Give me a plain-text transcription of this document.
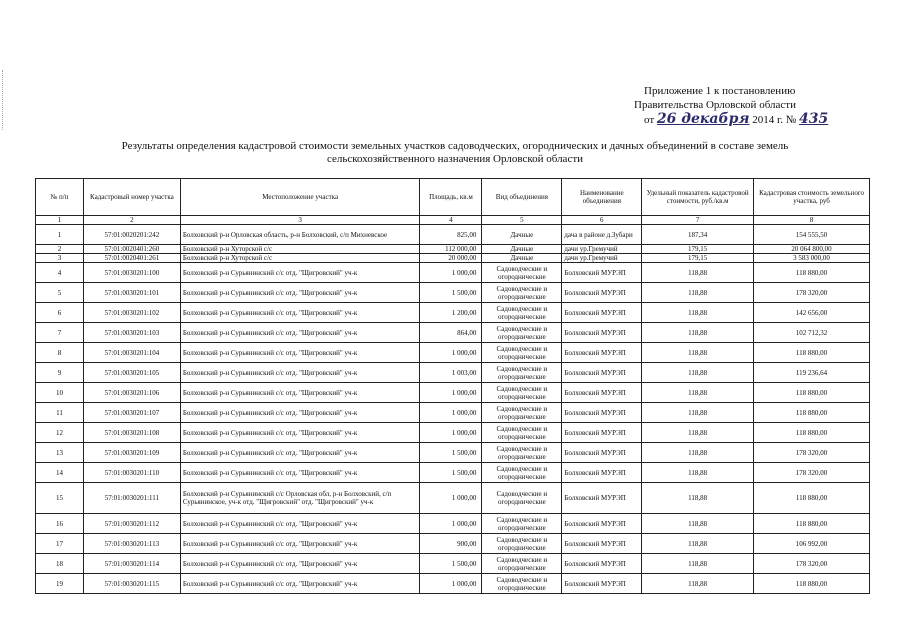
Приложение 1 к постановлению
Правительства Орловской области
от 26 декабря 2014 г. № 435
Результаты определения кадастровой стоимости земельных участков садоводческих, огороднических и дачных объединений в составе земель
сельскохозяйственного назначения Орловской области
№ п/п	Кадастровый номер участка	Местоположение участка	Площадь, кв.м	Вид объединения	Наименование объединения	Удельный показатель кадастровой стоимости, руб./кв.м	Кадастровая стоимость земельного участка, руб
1	2	3	4	5	6	7	8
1	57:01:0020201:242	Болховский р-н Орловская область, р-н Болховский, с/п Михневское	825,00	Дачные	дача в районе д.Зубари	187,34	154 555,50
2	57:01:0020401:260	Болховский р-н Хуторской с/с	112 000,00	Дачные	дачи ур.Гремучий	179,15	20 064 800,00
3	57:01:0020401:261	Болховский р-н Хуторской с/с	20 000,00	Дачные	дачи ур.Гремучий	179,15	3 583 000,00
4	57:01:0030201:100	Болховский р-н Сурьянинский с/с отд. "Щигровский" уч-к	1 000,00	Садоводческие и огороднические	Болховский МУРЭП	118,88	118 880,00
5	57:01:0030201:101	Болховский р-н Сурьянинский с/с отд. "Щигровский" уч-к	1 500,00	Садоводческие и огороднические	Болховский МУРЭП	118,88	178 320,00
6	57:01:0030201:102	Болховский р-н Сурьянинский с/с отд. "Щигровский" уч-к	1 200,00	Садоводческие и огороднические	Болховский МУРЭП	118,88	142 656,00
7	57:01:0030201:103	Болховский р-н Сурьянинский с/с отд. "Щигровский" уч-к	864,00	Садоводческие и огороднические	Болховский МУРЭП	118,88	102 712,32
8	57:01:0030201:104	Болховский р-н Сурьянинский с/с отд. "Щигровский" уч-к	1 000,00	Садоводческие и огороднические	Болховский МУРЭП	118,88	118 880,00
9	57:01:0030201:105	Болховский р-н Сурьянинский с/с отд. "Щигровский" уч-к	1 003,00	Садоводческие и огороднические	Болховский МУРЭП	118,88	119 236,64
10	57:01:0030201:106	Болховский р-н Сурьянинский с/с отд. "Щигровский" уч-к	1 000,00	Садоводческие и огороднические	Болховский МУРЭП	118,88	118 880,00
11	57:01:0030201:107	Болховский р-н Сурьянинский с/с отд. "Щигровский" уч-к	1 000,00	Садоводческие и огороднические	Болховский МУРЭП	118,88	118 880,00
12	57:01:0030201:108	Болховский р-н Сурьянинский с/с отд. "Щигровский" уч-к	1 000,00	Садоводческие и огороднические	Болховский МУРЭП	118,88	118 880,00
13	57:01:0030201:109	Болховский р-н Сурьянинский с/с отд. "Щигровский" уч-к	1 500,00	Садоводческие и огороднические	Болховский МУРЭП	118,88	178 320,00
14	57:01:0030201:110	Болховский р-н Сурьянинский с/с отд. "Щигровский" уч-к	1 500,00	Садоводческие и огороднические	Болховский МУРЭП	118,88	178 320,00
15	57:01:0030201:111	Болховский р-н Сурьянинский с/с Орловская обл, р-н Болховский, с/п Сурьянинское, уч-к отд. "Щигровский" отд. "Щигровский" уч-к	1 000,00	Садоводческие и огороднические	Болховский МУРЭП	118,88	118 880,00
16	57:01:0030201:112	Болховский р-н Сурьянинский с/с отд. "Щигровский" уч-к	1 000,00	Садоводческие и огороднические	Болховский МУРЭП	118,88	118 880,00
17	57:01:0030201:113	Болховский р-н Сурьянинский с/с отд. "Щигровский" уч-к	900,00	Садоводческие и огороднические	Болховский МУРЭП	118,88	106 992,00
18	57:01:0030201:114	Болховский р-н Сурьянинский с/с отд. "Щигровский" уч-к	1 500,00	Садоводческие и огороднические	Болховский МУРЭП	118,88	178 320,00
19	57:01:0030201:115	Болховский р-н Сурьянинский с/с отд. "Щигровский" уч-к	1 000,00	Садоводческие и огороднические	Болховский МУРЭП	118,88	118 880,00
